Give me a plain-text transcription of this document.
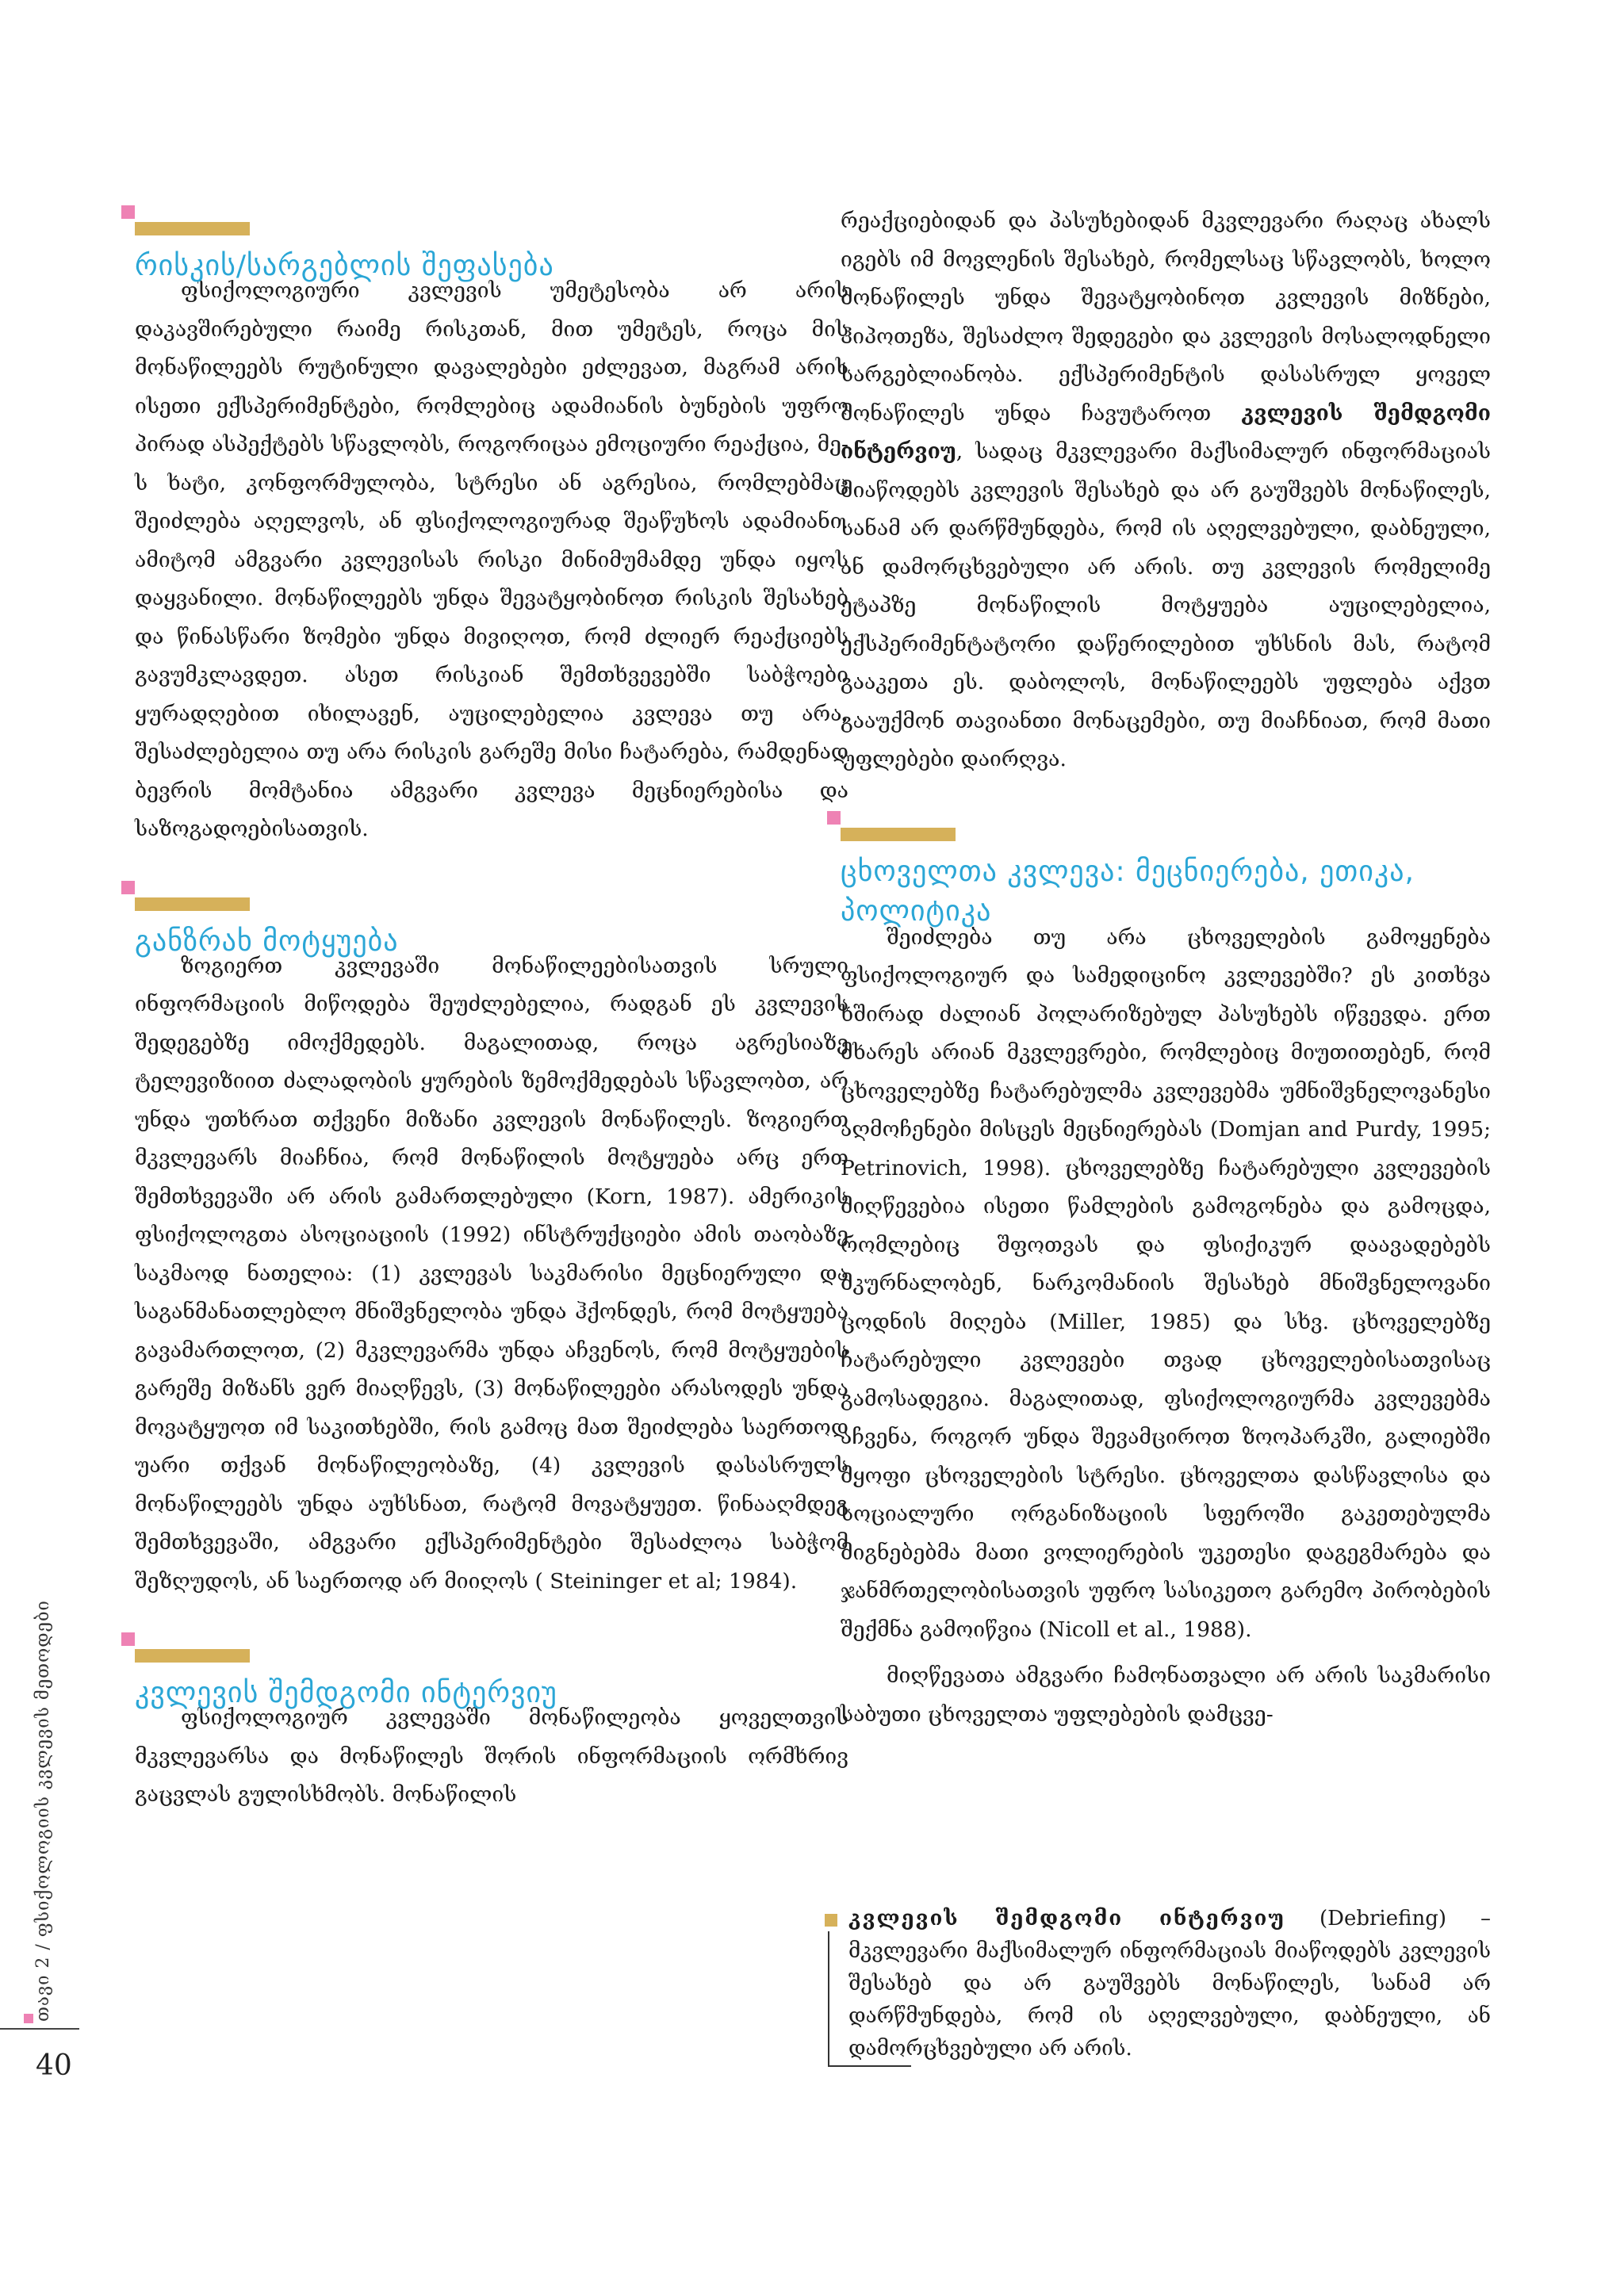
რისკის/სარგებლის შეფასება

ფსიქოლოგიური კვლევის უმეტესობა არ არის დაკავშირებული რაიმე რისკთან, მით უმეტეს, როცა მის მონაწილეებს რუტინული დავალებები ეძლევათ, მაგრამ არის ისეთი ექსპერიმენტები, რომლებიც ადამიანის ბუნების უფრო პირად ასპექტებს სწავლობს, როგორიცაა ემოციური რეაქცია, მე-ს ხატი, კონფორმულობა, სტრესი ან აგრესია, რომლებმაც შეიძლება აღელვოს, ან ფსიქოლოგიურად შეაწუხოს ადამიანი. ამიტომ ამგვარი კვლევისას რისკი მინიმუმამდე უნდა იყოს დაყვანილი. მონაწილეებს უნდა შევატყობინოთ რისკის შესახებ და წინასწარი ზომები უნდა მივიღოთ, რომ ძლიერ რეაქციებს გავუმკლავდეთ. ასეთ რისკიან შემთხვევებში საბჭოები ყურადღებით იხილავენ, აუცილებელია კვლევა თუ არა, შესაძლებელია თუ არა რისკის გარეშე მისი ჩატარება, რამდენად ბევრის მომტანია ამგვარი კვლევა მეცნიერებისა და საზოგადოებისათვის.

განზრახ მოტყუება

ზოგიერთ კვლევაში მონაწილეებისათვის სრული ინფორმაციის მიწოდება შეუძლებელია, რადგან ეს კვლევის შედეგებზე იმოქმედებს. მაგალითად, როცა აგრესიაზე ტელევიზიით ძალადობის ყურების ზემოქმედებას სწავლობთ, არ უნდა უთხრათ თქვენი მიზანი კვლევის მონაწილეს. ზოგიერთ მკვლევარს მიაჩნია, რომ მონაწილის მოტყუება არც ერთ შემთხვევაში არ არის გამართლებული (Korn, 1987). ამერიკის ფსიქოლოგთა ასოციაციის (1992) ინსტრუქციები ამის თაობაზე საკმაოდ ნათელია: (1) კვლევას საკმარისი მეცნიერული და საგანმანათლებლო მნიშვნელობა უნდა ჰქონდეს, რომ მოტყუება გავამართლოთ, (2) მკვლევარმა უნდა აჩვენოს, რომ მოტყუების გარეშე მიზანს ვერ მიაღწევს, (3) მონაწილეები არასოდეს უნდა მოვატყუოთ იმ საკითხებში, რის გამოც მათ შეიძლება საერთოდ უარი თქვან მონაწილეობაზე, (4) კვლევის დასასრულს მონაწილეებს უნდა აუხსნათ, რატომ მოვატყუეთ. წინააღმდეგ შემთხვევაში, ამგვარი ექსპერიმენტები შესაძლოა საბჭომ შეზღუდოს, ან საერთოდ არ მიიღოს ( Steininger et al; 1984).

კვლევის შემდგომი ინტერვიუ

ფსიქოლოგიურ კვლევაში მონაწილეობა ყოველთვის მკვლევარსა და მონაწილეს შორის ინფორმაციის ორმხრივ გაცვლას გულისხმობს. მონაწილის

რეაქციებიდან და პასუხებიდან მკვლევარი რაღაც ახალს იგებს იმ მოვლენის შესახებ, რომელსაც სწავლობს, ხოლო მონაწილეს უნდა შევატყობინოთ კვლევის მიზნები, ჰიპოთეზა, შესაძლო შედეგები და კვლევის მოსალოდნელი სარგებლიანობა. ექსპერიმენტის დასასრულ ყოველ მონაწილეს უნდა ჩავუტაროთ კვლევის შემდგომი ინტერვიუ, სადაც მკვლევარი მაქსიმალურ ინფორმაციას მიაწოდებს კვლევის შესახებ და არ გაუშვებს მონაწილეს, სანამ არ დარწმუნდება, რომ ის აღელვებული, დაბნეული, ან დამორცხვებული არ არის. თუ კვლევის რომელიმე ეტაპზე მონაწილის მოტყუება აუცილებელია, ექსპერიმენტატორი დაწერილებით უხსნის მას, რატომ გააკეთა ეს. დაბოლოს, მონაწილეებს უფლება აქვთ გააუქმონ თავიანთი მონაცემები, თუ მიაჩნიათ, რომ მათი უფლებები დაირღვა.

ცხოველთა კვლევა: მეცნიერება, ეთიკა, პოლიტიკა

შეიძლება თუ არა ცხოველების გამოყენება ფსიქოლოგიურ და სამედიცინო კვლევებში? ეს კითხვა ხშირად ძალიან პოლარიზებულ პასუხებს იწვევდა. ერთ მხარეს არიან მკვლევრები, რომლებიც მიუთითებენ, რომ ცხოველებზე ჩატარებულმა კვლევებმა უმნიშვნელოვანესი აღმოჩენები მისცეს მეცნიერებას (Domjan and Purdy, 1995; Petrinovich, 1998). ცხოველებზე ჩატარებული კვლევების მიღწევებია ისეთი წამლების გამოგონება და გამოცდა, რომლებიც შფოთვას და ფსიქიკურ დაავადებებს მკურნალობენ, ნარკომანიის შესახებ მნიშვნელოვანი ცოდნის მიღება (Miller, 1985) და სხვ. ცხოველებზე ჩატარებული კვლევები თვად ცხოველებისათვისაც გამოსადეგია. მაგალითად, ფსიქოლოგიურმა კვლევებმა აჩვენა, როგორ უნდა შევამციროთ ზოოპარკში, გალიებში მყოფი ცხოველების სტრესი. ცხოველთა დასწავლისა და სოციალური ორგანიზაციის სფეროში გაკეთებულმა მიგნებებმა მათი ვოლიერების უკეთესი დაგეგმარება და ჯანმრთელობისათვის უფრო სასიკეთო გარემო პირობების შექმნა გამოიწვია (Nicoll et al., 1988).

მიღწევათა ამგვარი ჩამონათვალი არ არის საკმარისი საბუთი ცხოველთა უფლებების დამცვე-

კვლევის შემდგომი ინტერვიუ (Debriefing) – მკვლევარი მაქსიმალურ ინფორმაციას მიაწოდებს კვლევის შესახებ და არ გაუშვებს მონაწილეს, სანამ არ დარწმუნდება, რომ ის აღელვებული, დაბნეული, ან დამორცხვებული არ არის.
თავი 2 / ფსიქოლოგიის კვლევის მეთოდები
40
